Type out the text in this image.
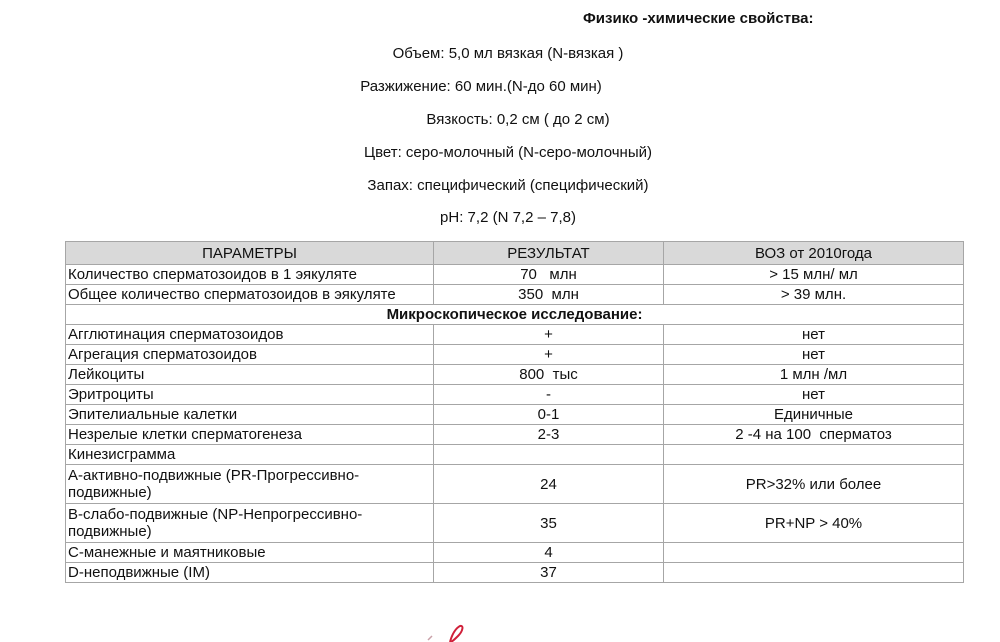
Физико -химические свойства:
Объем: 5,0 мл вязкая (N-вязкая )
Разжижение: 60 мин.(N-до 60 мин)
Вязкость: 0,2 см ( до 2 см)
Цвет: серо-молочный (N-серо-молочный)
Запах: специфический (специфический)
pH: 7,2 (N 7,2 – 7,8)
ПАРАМЕТРЫ	РЕЗУЛЬТАТ	ВОЗ от 2010года
Количество сперматозоидов в 1 эякуляте	70   млн	> 15 млн/ мл
Общее количество сперматозоидов в эякуляте	350  млн	> 39 млн.
Микроскопическое исследование:		
Агглютинация сперматозоидов	+	нет
Агрегация сперматозоидов	+	нет
Лейкоциты	800  тыс	1 млн /мл
Эритроциты	-	нет
Эпителиальные калетки	0-1	Единичные
Незрелые клетки сперматогенеза	2-3	2 -4 на 100  сперматоз
Кинезисграмма		
А-активно-подвижные (PR-Прогрессивно-подвижные)	24	PR>32% или более
В-слабо-подвижные (NP-Непрогрессивно-подвижные)	35	PR+NP > 40%
С-манежные и маятниковые	4	
D-неподвижные (IM)	37	
